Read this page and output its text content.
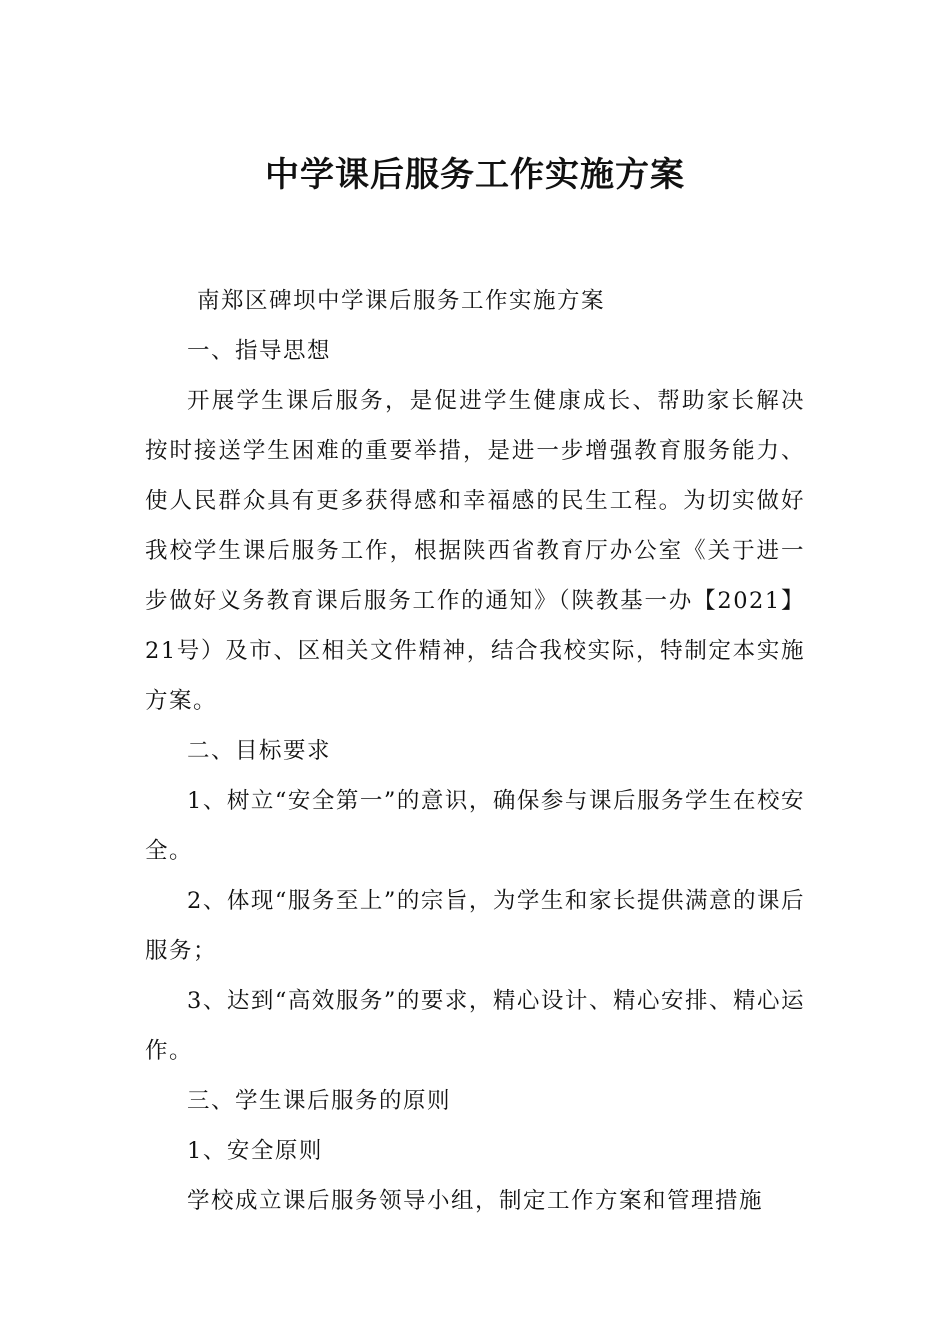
中学课后服务工作实施方案

南郑区碑坝中学课后服务工作实施方案

一、指导思想

开展学生课后服务，是促进学生健康成长、帮助家长解决按时接送学生困难的重要举措，是进一步增强教育服务能力、使人民群众具有更多获得感和幸福感的民生工程。为切实做好我校学生课后服务工作，根据陕西省教育厅办公室《关于进一步做好义务教育课后服务工作的通知》（陕教基一办【2021】21号）及市、区相关文件精神，结合我校实际，特制定本实施方案。

二、目标要求

1、树立“安全第一”的意识，确保参与课后服务学生在校安全。

2、体现“服务至上”的宗旨，为学生和家长提供满意的课后服务；

3、达到“高效服务”的要求，精心设计、精心安排、精心运作。

三、学生课后服务的原则

1、安全原则

学校成立课后服务领导小组，制定工作方案和管理措施
